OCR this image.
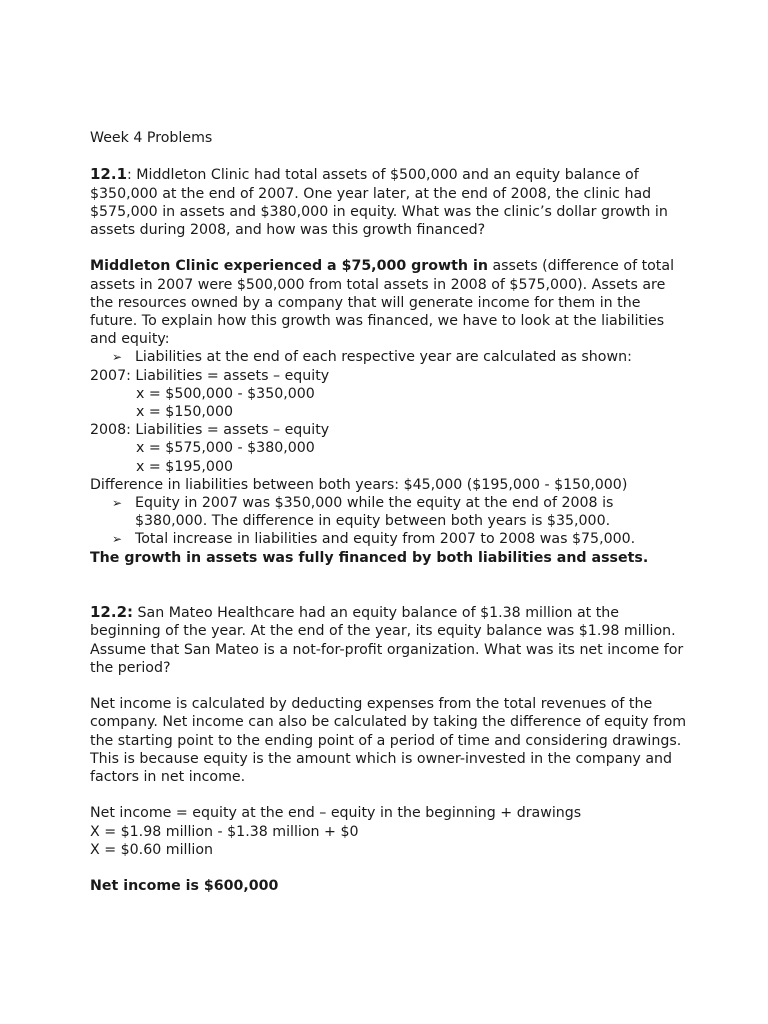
Week 4 Problems

12.1: Middleton Clinic had total assets of $500,000 and an equity balance of $350,000 at the end of 2007. One year later, at the end of 2008, the clinic had $575,000 in assets and $380,000 in equity. What was the clinic’s dollar growth in assets during 2008, and how was this growth financed?

Middleton Clinic experienced a $75,000 growth in assets (difference of total assets in 2007 were $500,000 from total assets in 2008 of $575,000). Assets are the resources owned by a company that will generate income for them in the future. To explain how this growth was financed, we have to look at the liabilities and equity:

➢ Liabilities at the end of each respective year are calculated as shown:

2007: Liabilities = assets – equity

x = $500,000 - $350,000

x = $150,000

2008: Liabilities = assets – equity

x = $575,000 - $380,000

x = $195,000

Difference in liabilities between both years: $45,000 ($195,000 - $150,000)

➢ Equity in 2007 was $350,000 while the equity at the end of 2008 is $380,000. The difference in equity between both years is $35,000.

➢ Total increase in liabilities and equity from 2007 to 2008 was $75,000.

The growth in assets was fully financed by both liabilities and assets.

12.2: San Mateo Healthcare had an equity balance of $1.38 million at the beginning of the year. At the end of the year, its equity balance was $1.98 million. Assume that San Mateo is a not-for-profit organization. What was its net income for the period?

Net income is calculated by deducting expenses from the total revenues of the company. Net income can also be calculated by taking the difference of equity from the starting point to the ending point of a period of time and considering drawings. This is because equity is the amount which is owner-invested in the company and factors in net income.

Net income = equity at the end – equity in the beginning + drawings

X = $1.98 million - $1.38 million + $0

X = $0.60 million

Net income is $600,000
